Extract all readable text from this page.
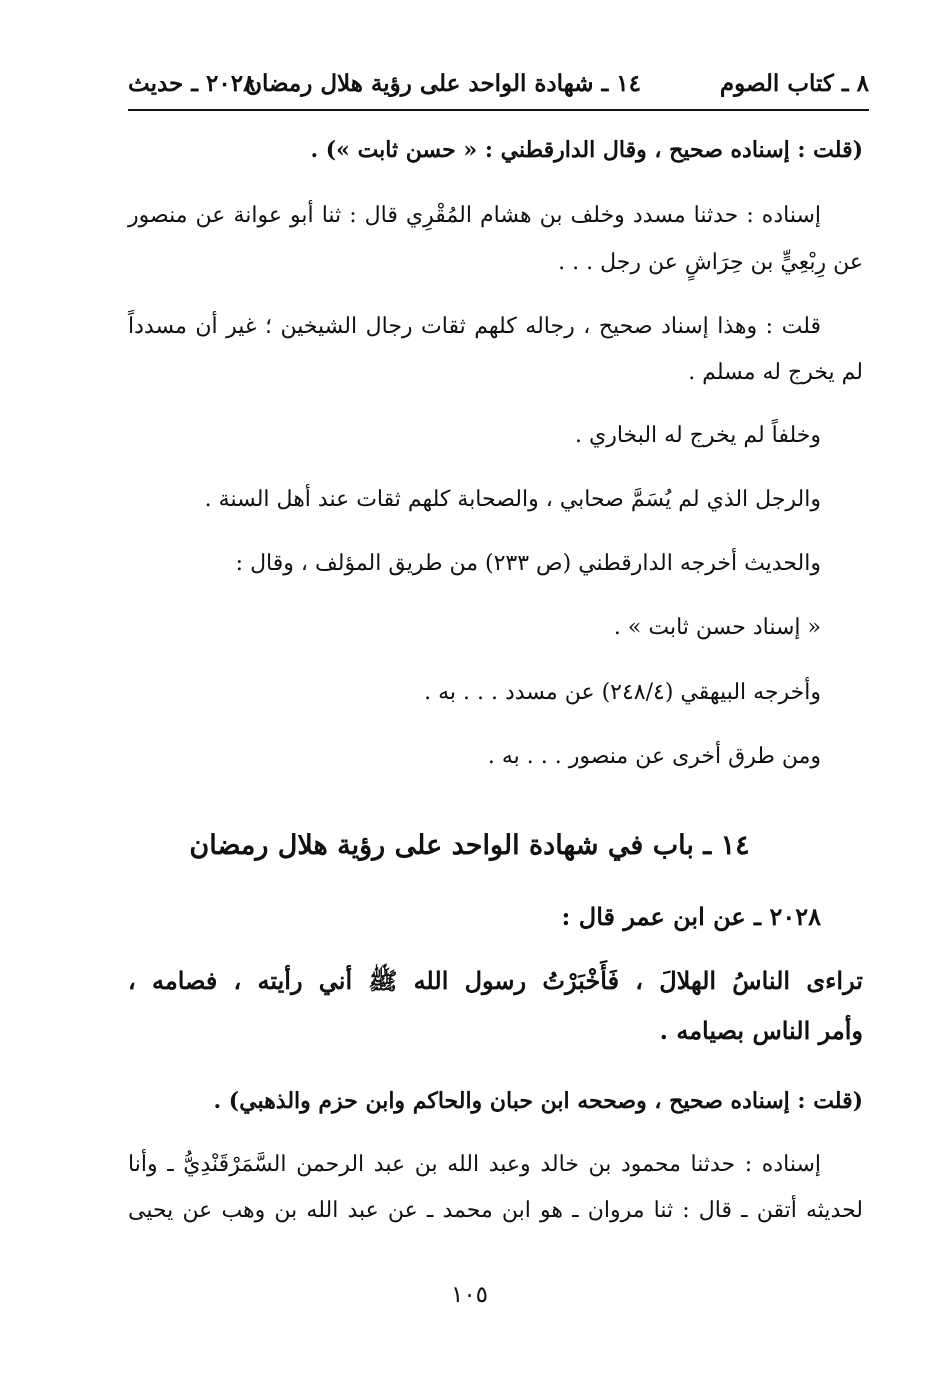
٨ ـ كتاب الصوم
١٤ ـ شهادة الواحد على رؤية هلال رمضان
٢٠٢٨ ـ حديث
(قلت : إسناده صحيح ، وقال الدارقطني : « حسن ثابت ») .
إسناده : حدثنا مسدد وخلف بن هشام المُقْرِي قال : ثنا أبو عوانة عن منصور
عن رِبْعِيٍّ بن حِرَاشٍ عن رجل . . .
قلت : وهذا إسناد صحيح ، رجاله كلهم ثقات رجال الشيخين ؛ غير أن مسدداً
لم يخرج له مسلم .
وخلفاً لم يخرج له البخاري .
والرجل الذي لم يُسَمَّ صحابي ، والصحابة كلهم ثقات عند أهل السنة .
والحديث أخرجه الدارقطني (ص ٢٣٣) من طريق المؤلف ، وقال :
« إسناد حسن ثابت » .
وأخرجه البيهقي (٢٤٨/٤) عن مسدد . . . به .
ومن طرق أخرى عن منصور . . . به .
١٤ ـ باب في شهادة الواحد على رؤية هلال رمضان
٢٠٢٨ ـ عن ابن عمر قال :
تراءى الناسُ الهلالَ ، فَأَخْبَرْتُ رسول الله ﷺ أني رأيته ، فصامه ،
وأمر الناس بصيامه .
(قلت : إسناده صحيح ، وصححه ابن حبان والحاكم وابن حزم والذهبي) .
إسناده : حدثنا محمود بن خالد وعبد الله بن عبد الرحمن السَّمَرْقَنْدِيُّ ـ وأنا
لحديثه أتقن ـ قال : ثنا مروان ـ هو ابن محمد ـ عن عبد الله بن وهب عن يحيى
١٠٥
